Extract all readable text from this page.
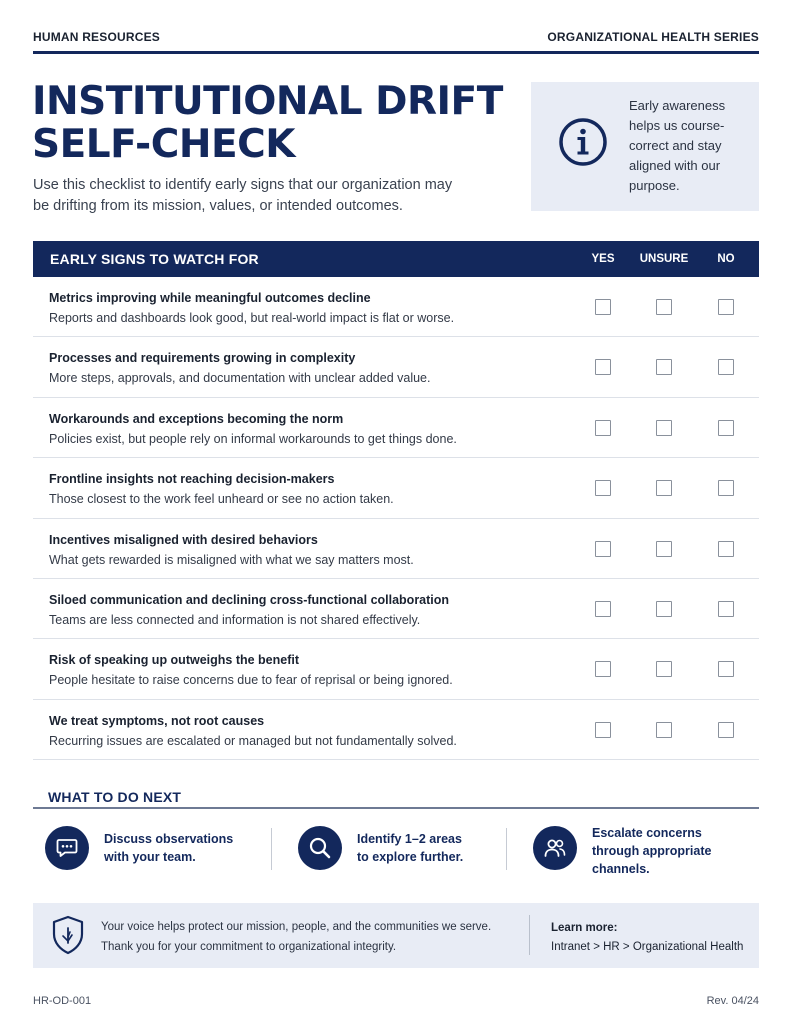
HUMAN RESOURCES	ORGANIZATIONAL HEALTH SERIES
INSTITUTIONAL DRIFT
SELF-CHECK
Use this checklist to identify early signs that our organization may be drifting from its mission, values, or intended outcomes.
Early awareness helps us course-correct and stay aligned with our purpose.
EARLY SIGNS TO WATCH FOR	YES	UNSURE	NO
Metrics improving while meaningful outcomes decline
Reports and dashboards look good, but real-world impact is flat or worse.
Processes and requirements growing in complexity
More steps, approvals, and documentation with unclear added value.
Workarounds and exceptions becoming the norm
Policies exist, but people rely on informal workarounds to get things done.
Frontline insights not reaching decision-makers
Those closest to the work feel unheard or see no action taken.
Incentives misaligned with desired behaviors
What gets rewarded is misaligned with what we say matters most.
Siloed communication and declining cross-functional collaboration
Teams are less connected and information is not shared effectively.
Risk of speaking up outweighs the benefit
People hesitate to raise concerns due to fear of reprisal or being ignored.
We treat symptoms, not root causes
Recurring issues are escalated or managed but not fundamentally solved.
WHAT TO DO NEXT
Discuss observations
with your team.
Identify 1–2 areas
to explore further.
Escalate concerns
through appropriate
channels.
Your voice helps protect our mission, people, and the communities we serve.
Thank you for your commitment to organizational integrity.
Learn more:
Intranet > HR > Organizational Health
HR-OD-001	Rev. 04/24
